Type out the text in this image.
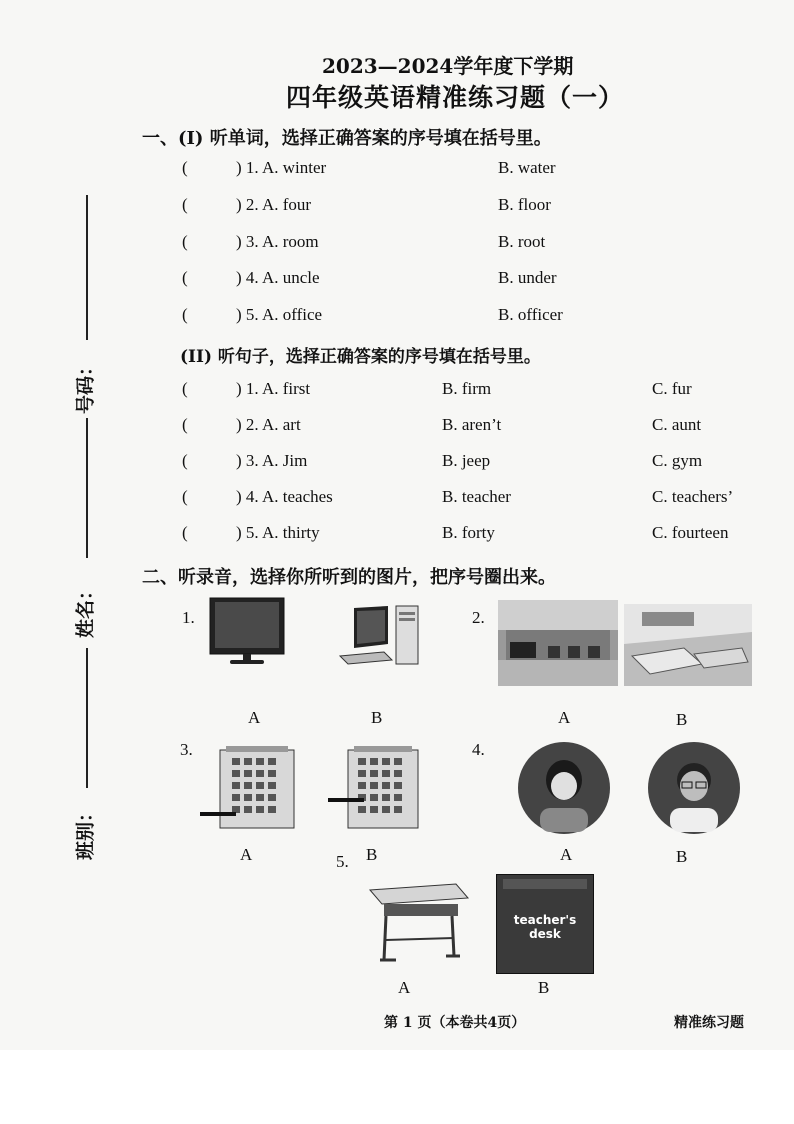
2023—2024学年度下学期
四年级英语精准练习题（一）
号码：
姓名：
班别：
一、(I) 听单词，选择正确答案的序号填在括号里。
(	) 1. A. winter	B. water
(	) 2. A. four	B. floor
(	) 3. A. room	B. root
(	) 4. A. uncle	B. under
(	) 5. A. office	B. officer
(II) 听句子，选择正确答案的序号填在括号里。
(	) 1. A. first	B. firm	C. fur
(	) 2. A. art	B. aren’t	C. aunt
(	) 3. A. Jim	B. jeep	C. gym
(	) 4. A. teaches	B. teacher	C. teachers’
(	) 5. A. thirty	B. forty	C. fourteen
二、听录音，选择你所听到的图片，把序号圈出来。
1.
A	B
2.
A	B
3.
A	B
4.
A	B
5.
teacher's desk
A	B
第 1 页（本卷共4页）	精准练习题
